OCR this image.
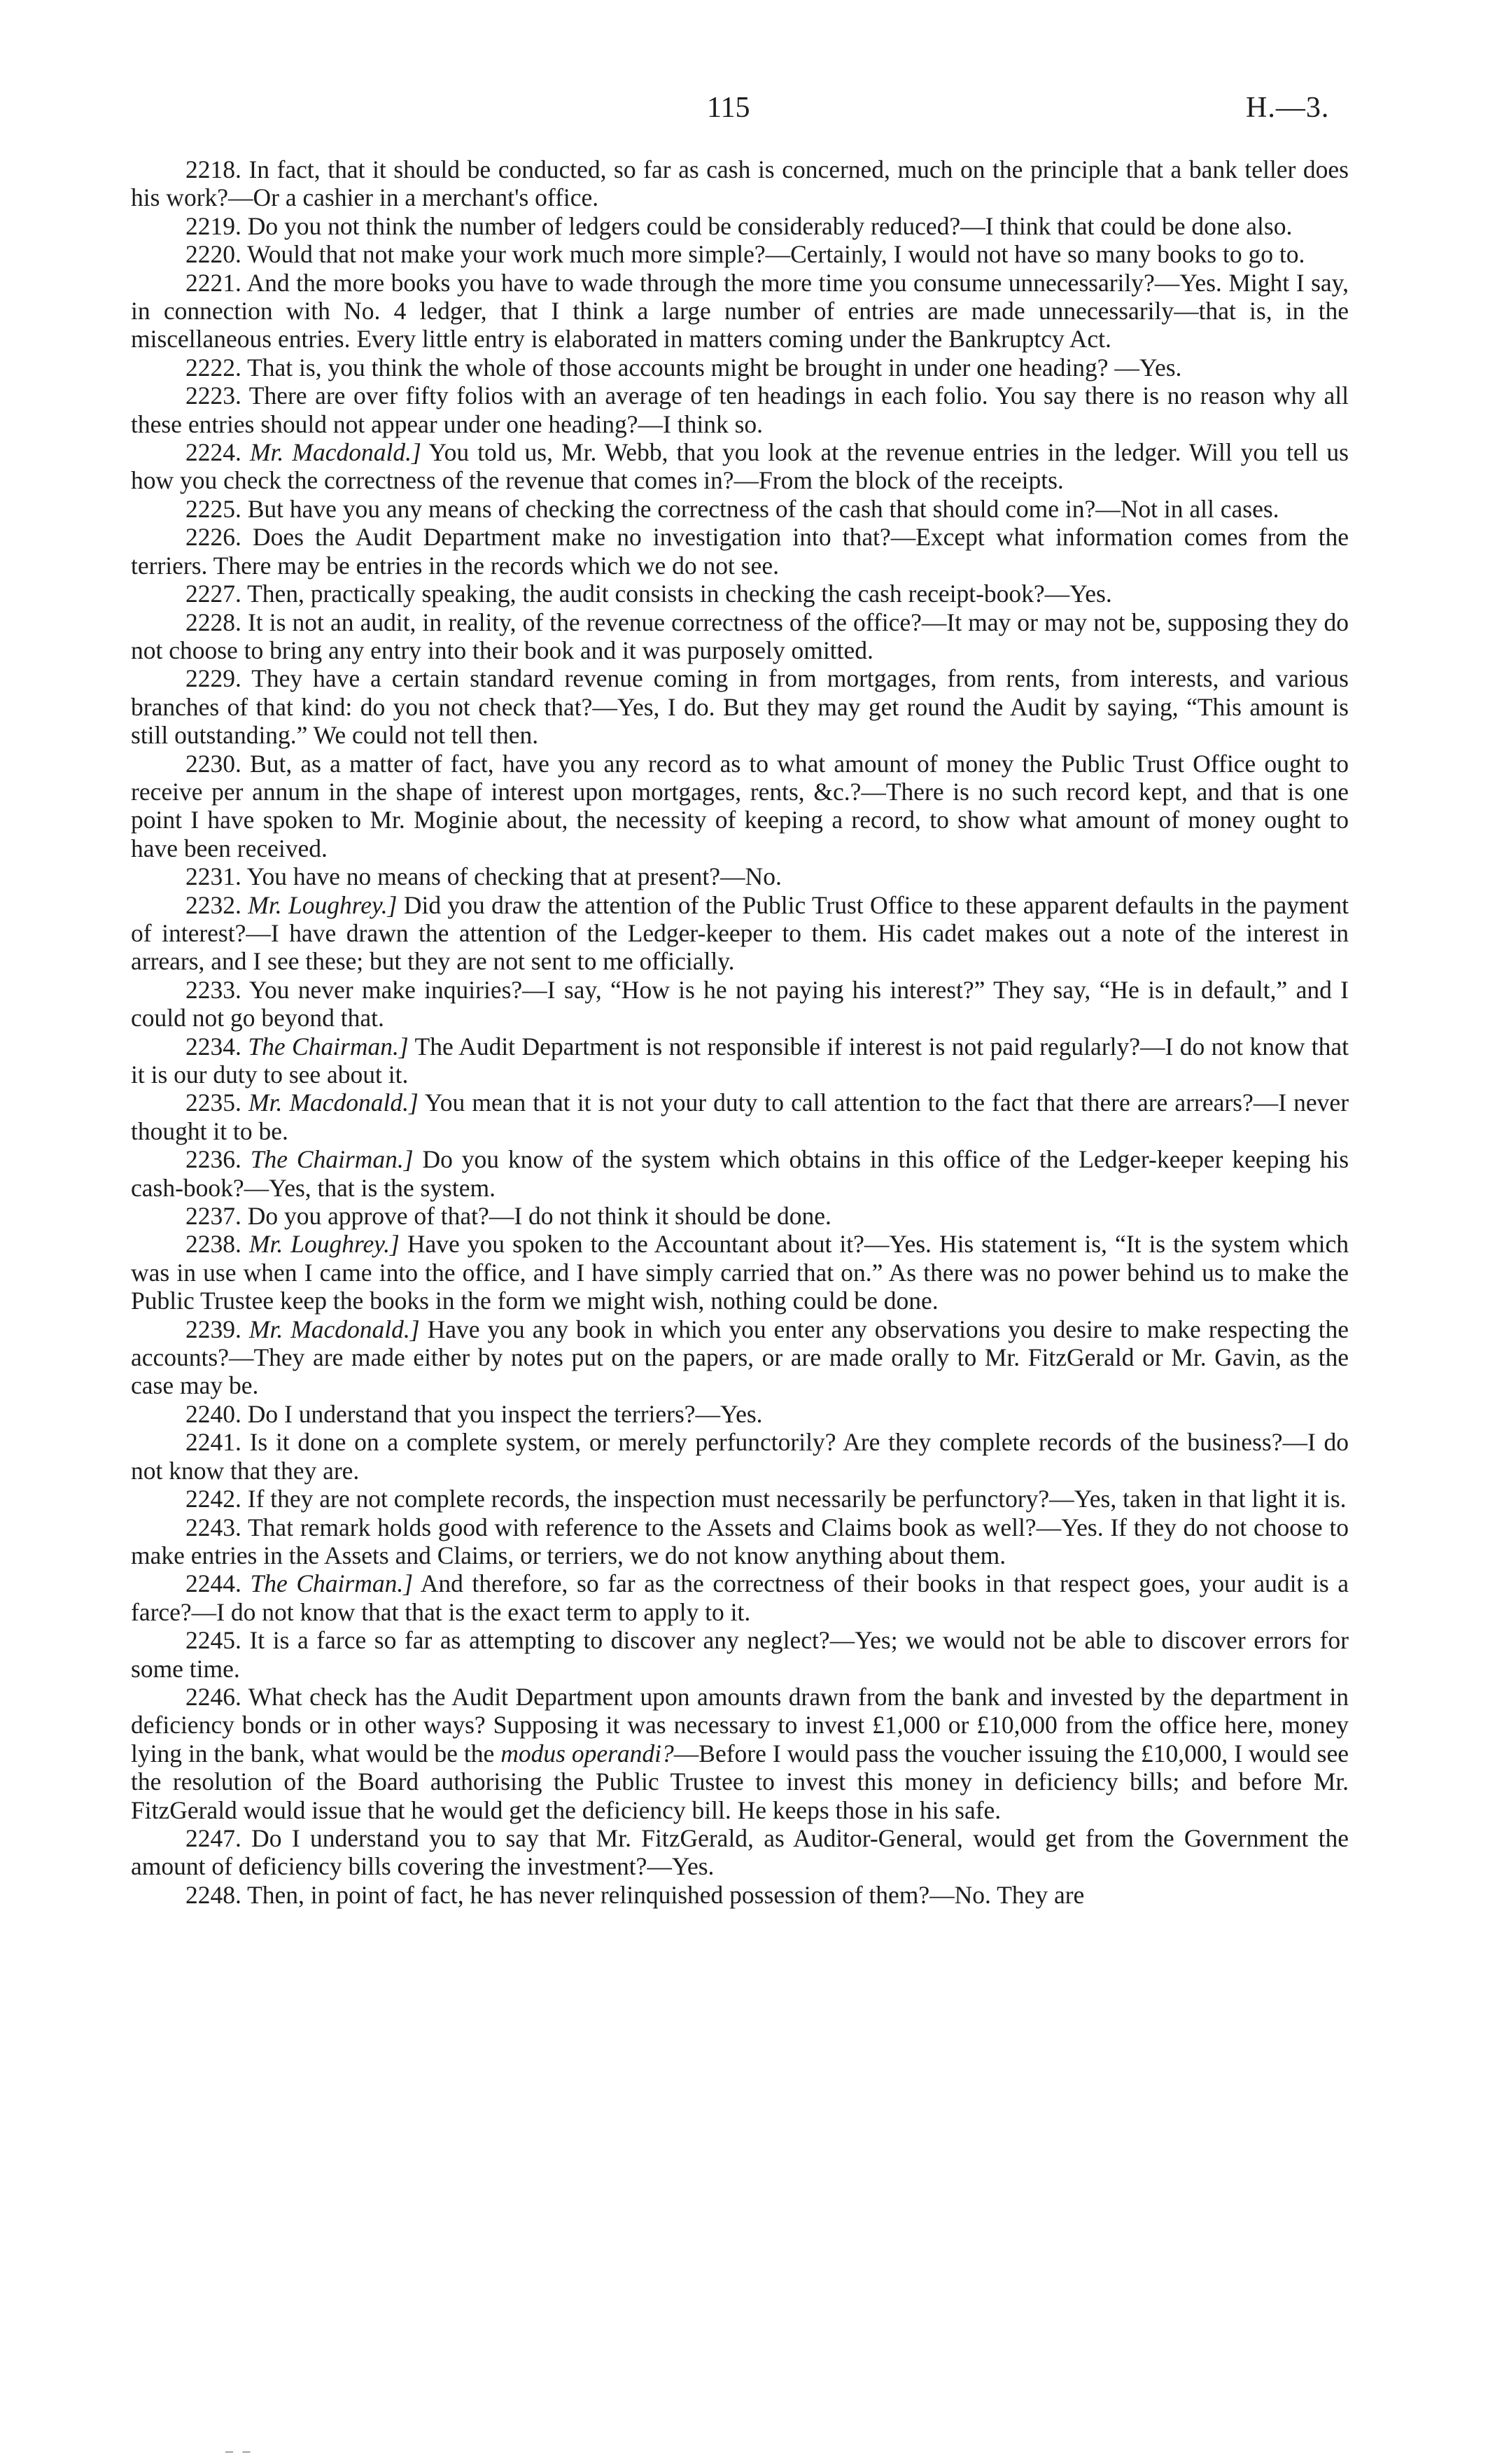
115	H.—3.

2218. In fact, that it should be conducted, so far as cash is concerned, much on the principle that a bank teller does his work?—Or a cashier in a merchant's office.

2219. Do you not think the number of ledgers could be considerably reduced?—I think that could be done also.

2220. Would that not make your work much more simple?—Certainly, I would not have so many books to go to.

2221. And the more books you have to wade through the more time you consume unnecessarily?—Yes. Might I say, in connection with No. 4 ledger, that I think a large number of entries are made unnecessarily—that is, in the miscellaneous entries. Every little entry is elaborated in matters coming under the Bankruptcy Act.

2222. That is, you think the whole of those accounts might be brought in under one heading? —Yes.

2223. There are over fifty folios with an average of ten headings in each folio. You say there is no reason why all these entries should not appear under one heading?—I think so.

2224. Mr. Macdonald.] You told us, Mr. Webb, that you look at the revenue entries in the ledger. Will you tell us how you check the correctness of the revenue that comes in?—From the block of the receipts.

2225. But have you any means of checking the correctness of the cash that should come in?—Not in all cases.

2226. Does the Audit Department make no investigation into that?—Except what information comes from the terriers. There may be entries in the records which we do not see.

2227. Then, practically speaking, the audit consists in checking the cash receipt-book?—Yes.

2228. It is not an audit, in reality, of the revenue correctness of the office?—It may or may not be, supposing they do not choose to bring any entry into their book and it was purposely omitted.

2229. They have a certain standard revenue coming in from mortgages, from rents, from interests, and various branches of that kind: do you not check that?—Yes, I do. But they may get round the Audit by saying, “This amount is still outstanding.” We could not tell then.

2230. But, as a matter of fact, have you any record as to what amount of money the Public Trust Office ought to receive per annum in the shape of interest upon mortgages, rents, &c.?—There is no such record kept, and that is one point I have spoken to Mr. Moginie about, the necessity of keeping a record, to show what amount of money ought to have been received.

2231. You have no means of checking that at present?—No.

2232. Mr. Loughrey.] Did you draw the attention of the Public Trust Office to these apparent defaults in the payment of interest?—I have drawn the attention of the Ledger-keeper to them. His cadet makes out a note of the interest in arrears, and I see these; but they are not sent to me officially.

2233. You never make inquiries?—I say, “How is he not paying his interest?” They say, “He is in default,” and I could not go beyond that.

2234. The Chairman.] The Audit Department is not responsible if interest is not paid regularly?—I do not know that it is our duty to see about it.

2235. Mr. Macdonald.] You mean that it is not your duty to call attention to the fact that there are arrears?—I never thought it to be.

2236. The Chairman.] Do you know of the system which obtains in this office of the Ledger-keeper keeping his cash-book?—Yes, that is the system.

2237. Do you approve of that?—I do not think it should be done.

2238. Mr. Loughrey.] Have you spoken to the Accountant about it?—Yes. His statement is, “It is the system which was in use when I came into the office, and I have simply carried that on.” As there was no power behind us to make the Public Trustee keep the books in the form we might wish, nothing could be done.

2239. Mr. Macdonald.] Have you any book in which you enter any observations you desire to make respecting the accounts?—They are made either by notes put on the papers, or are made orally to Mr. FitzGerald or Mr. Gavin, as the case may be.

2240. Do I understand that you inspect the terriers?—Yes.

2241. Is it done on a complete system, or merely perfunctorily? Are they complete records of the business?—I do not know that they are.

2242. If they are not complete records, the inspection must necessarily be perfunctory?—Yes, taken in that light it is.

2243. That remark holds good with reference to the Assets and Claims book as well?—Yes. If they do not choose to make entries in the Assets and Claims, or terriers, we do not know anything about them.

2244. The Chairman.] And therefore, so far as the correctness of their books in that respect goes, your audit is a farce?—I do not know that that is the exact term to apply to it.

2245. It is a farce so far as attempting to discover any neglect?—Yes; we would not be able to discover errors for some time.

2246. What check has the Audit Department upon amounts drawn from the bank and invested by the department in deficiency bonds or in other ways? Supposing it was necessary to invest £1,000 or £10,000 from the office here, money lying in the bank, what would be the modus operandi?—Before I would pass the voucher issuing the £10,000, I would see the resolution of the Board authorising the Public Trustee to invest this money in deficiency bills; and before Mr. FitzGerald would issue that he would get the deficiency bill. He keeps those in his safe.

2247. Do I understand you to say that Mr. FitzGerald, as Auditor-General, would get from the Government the amount of deficiency bills covering the investment?—Yes.

2248. Then, in point of fact, he has never relinquished possession of them?—No. They are

– –
